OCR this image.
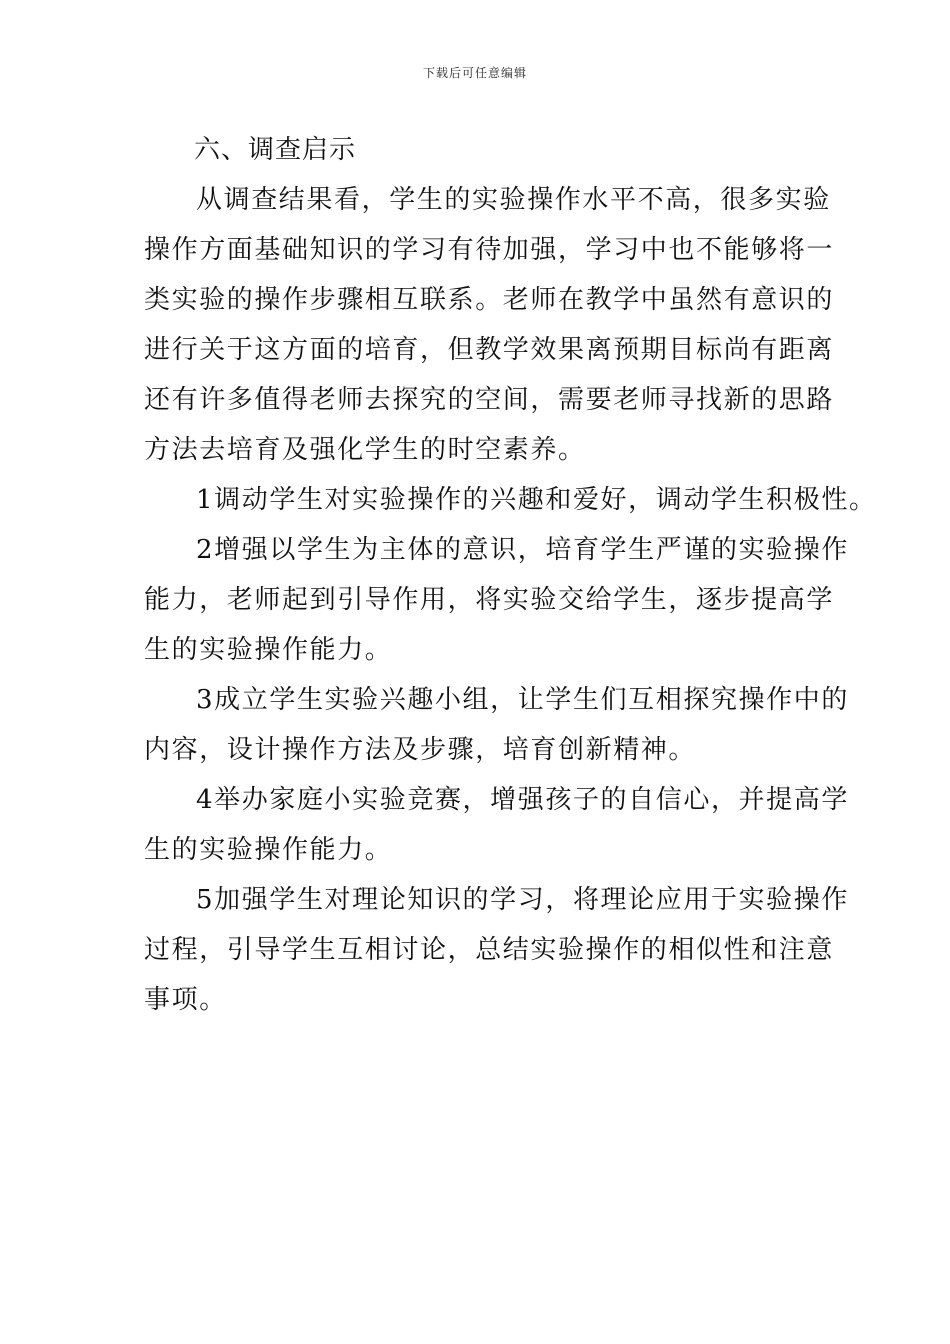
下载后可任意编辑
六、调查启示
从调查结果看，学生的实验操作水平不高，很多实验
操作方面基础知识的学习有待加强，学习中也不能够将一
类实验的操作步骤相互联系。老师在教学中虽然有意识的
进行关于这方面的培育，但教学效果离预期目标尚有距离
还有许多值得老师去探究的空间，需要老师寻找新的思路
方法去培育及强化学生的时空素养。
1调动学生对实验操作的兴趣和爱好，调动学生积极性。
2增强以学生为主体的意识，培育学生严谨的实验操作
能力，老师起到引导作用，将实验交给学生，逐步提高学
生的实验操作能力。
3成立学生实验兴趣小组，让学生们互相探究操作中的
内容，设计操作方法及步骤，培育创新精神。
4举办家庭小实验竞赛，增强孩子的自信心，并提高学
生的实验操作能力。
5加强学生对理论知识的学习，将理论应用于实验操作
过程，引导学生互相讨论，总结实验操作的相似性和注意
事项。
